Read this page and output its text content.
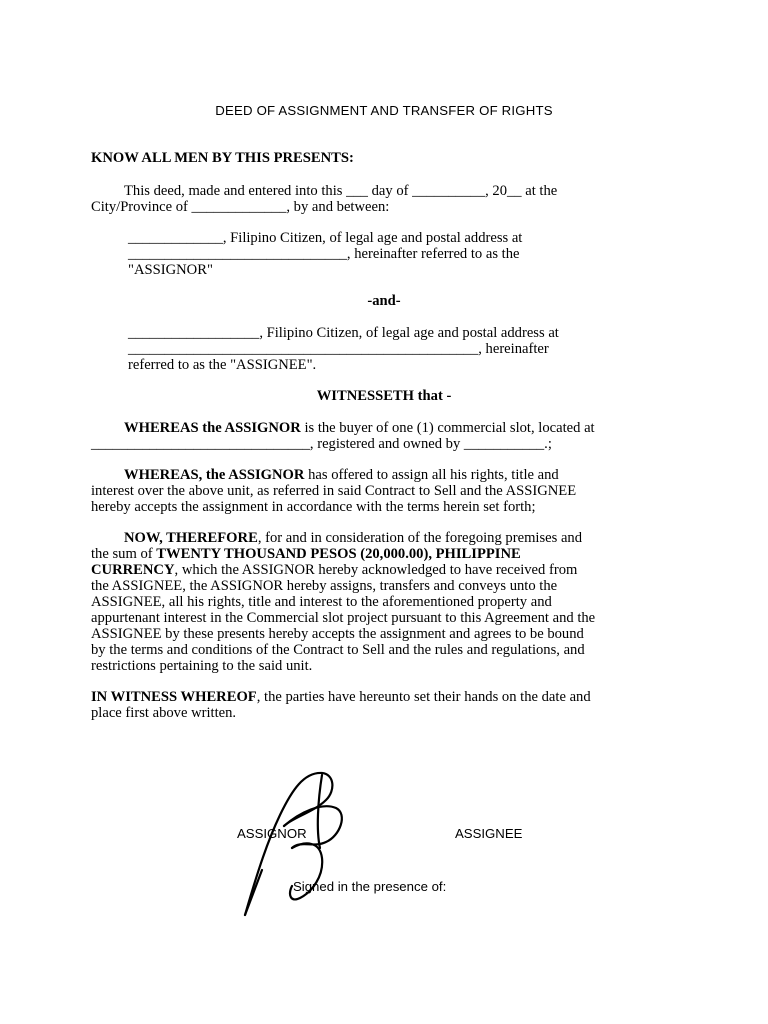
DEED OF ASSIGNMENT AND TRANSFER OF RIGHTS
KNOW ALL MEN BY THIS PRESENTS:
This deed, made and entered into this ___ day of __________, 20__ at the
City/Province of _____________, by and between:
_____________, Filipino Citizen, of legal age and postal address at
______________________________, hereinafter referred to as the
"ASSIGNOR"
-and-
__________________, Filipino Citizen, of legal age and postal address at
________________________________________________, hereinafter
referred to as the "ASSIGNEE".
WITNESSETH that -
WHEREAS the ASSIGNOR is the buyer of one (1) commercial slot, located at
______________________________, registered and owned by ___________.;
WHEREAS, the ASSIGNOR has offered to assign all his rights, title and
interest over the above unit, as referred in said Contract to Sell and the ASSIGNEE
hereby accepts the assignment in accordance with the terms herein set forth;
NOW, THEREFORE, for and in consideration of the foregoing premises and
the sum of TWENTY THOUSAND PESOS (20,000.00), PHILIPPINE
CURRENCY, which the ASSIGNOR hereby acknowledged to have received from
the ASSIGNEE, the ASSIGNOR hereby assigns, transfers and conveys unto the
ASSIGNEE, all his rights, title and interest to the aforementioned property and
appurtenant interest in the Commercial slot project pursuant to this Agreement and the
ASSIGNEE by these presents hereby accepts the assignment and agrees to be bound
by the terms and conditions of the Contract to Sell and the rules and regulations, and
restrictions pertaining to the said unit.
IN WITNESS WHEREOF, the parties have hereunto set their hands on the date and
place first above written.
ASSIGNOR	ASSIGNEE
Signed in the presence of:
